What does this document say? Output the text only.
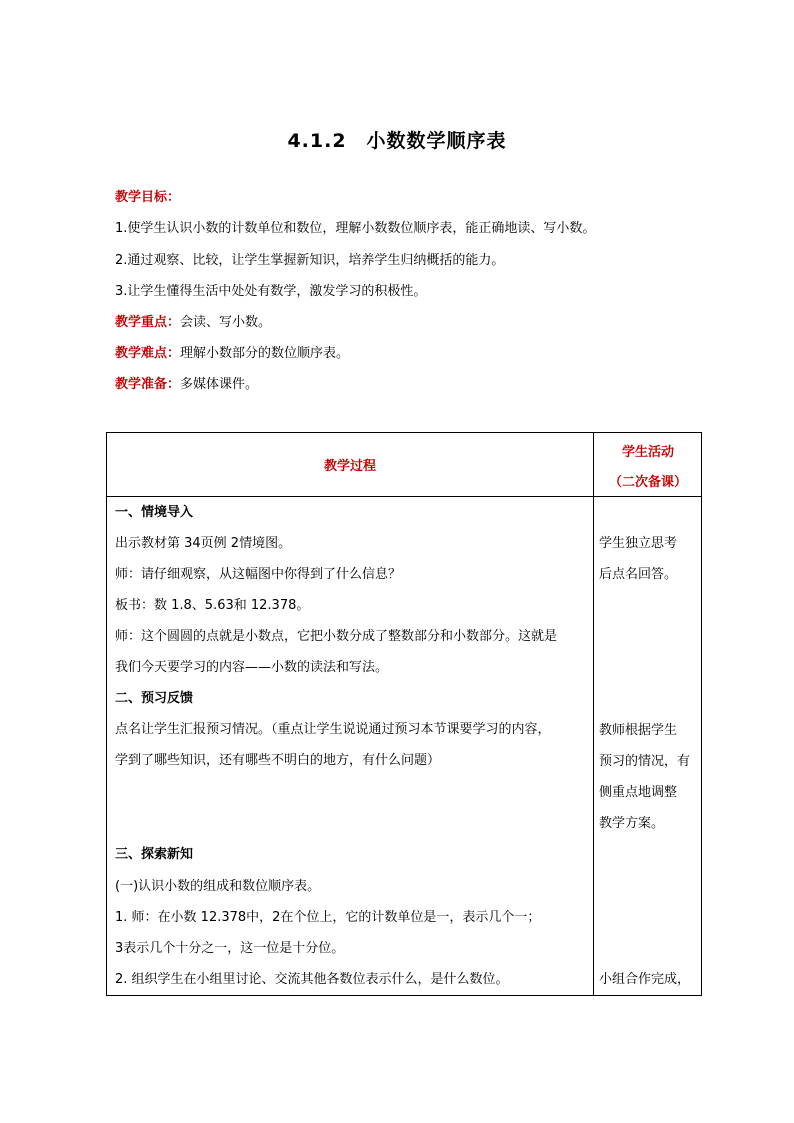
4.1.2　小数数学顺序表
教学目标：
1.使学生认识小数的计数单位和数位，理解小数数位顺序表，能正确地读、写小数。
2.通过观察、比较，让学生掌握新知识，培养学生归纳概括的能力。
3.让学生懂得生活中处处有数学，激发学习的积极性。
教学重点：会读、写小数。
教学难点：理解小数部分的数位顺序表。
教学准备：多媒体课件。
教学过程
学生活动
（二次备课）
一、情境导入
出示教材第 34页例 2情境图。
师：请仔细观察，从这幅图中你得到了什么信息？
板书：数 1.8、5.63和 12.378。
师：这个圆圆的点就是小数点，它把小数分成了整数部分和小数部分。这就是
我们今天要学习的内容——小数的读法和写法。
二、预习反馈
点名让学生汇报预习情况。（重点让学生说说通过预习本节课要学习的内容，
学到了哪些知识，还有哪些不明白的地方，有什么问题）
三、探索新知
(一)认识小数的组成和数位顺序表。
1. 师：在小数 12.378中，2在个位上，它的计数单位是一，表示几个一；
3表示几个十分之一，这一位是十分位。
2. 组织学生在小组里讨论、交流其他各数位表示什么，是什么数位。
学生独立思考
后点名回答。
教师根据学生
预习的情况，有
侧重点地调整
教学方案。
小组合作完成，
